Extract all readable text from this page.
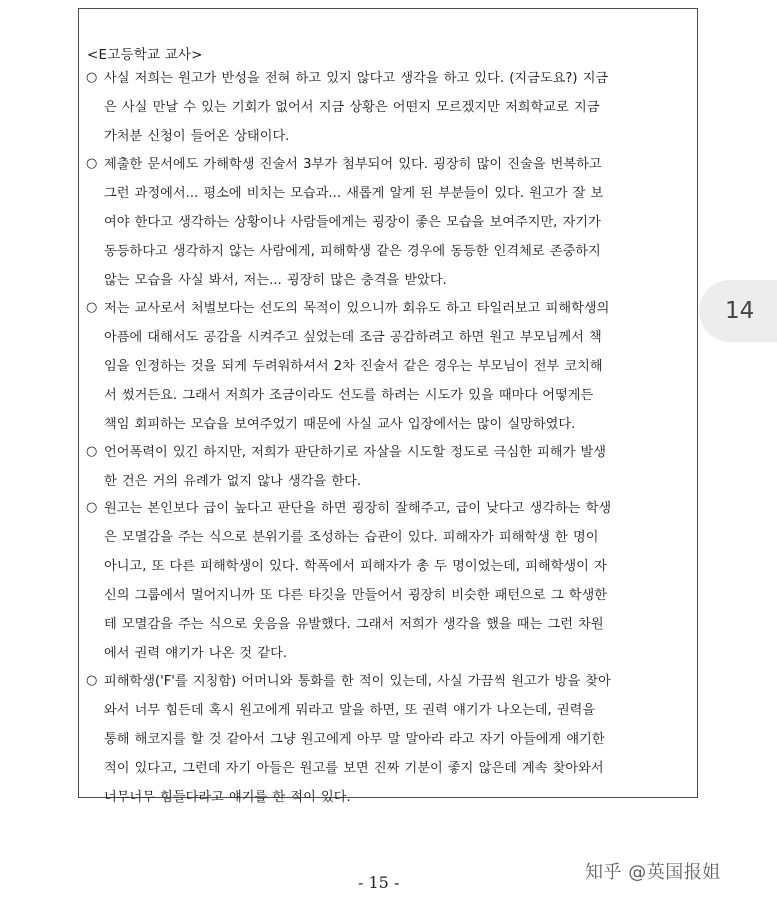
<E고등학교 교사>
○ 사실 저희는 원고가 반성을 전혀 하고 있지 않다고 생각을 하고 있다. (지금도요?) 지금
은 사실 만날 수 있는 기회가 없어서 지금 상황은 어떤지 모르겠지만 저희학교로 지금
가처분 신청이 들어온 상태이다.
○ 제출한 문서에도 가해학생 진술서 3부가 첨부되어 있다. 굉장히 많이 진술을 번복하고
그런 과정에서... 평소에 비치는 모습과... 새롭게 알게 된 부분들이 있다. 원고가 잘 보
여야 한다고 생각하는 상황이나 사람들에게는 굉장이 좋은 모습을 보여주지만, 자기가
동등하다고 생각하지 않는 사람에게, 피해학생 같은 경우에 동등한 인격체로 존중하지
않는 모습을 사실 봐서, 저는... 굉장히 많은 충격을 받았다.
○ 저는 교사로서 처벌보다는 선도의 목적이 있으니까 회유도 하고 타일러보고 피해학생의
아픔에 대해서도 공감을 시켜주고 싶었는데 조금 공감하려고 하면 원고 부모님께서 책
임을 인정하는 것을 되게 두려워하셔서 2차 진술서 같은 경우는 부모님이 전부 코치해
서 썼거든요. 그래서 저희가 조금이라도 선도를 하려는 시도가 있을 때마다 어떻게든
책임 회피하는 모습을 보여주었기 때문에 사실 교사 입장에서는 많이 실망하였다.
○ 언어폭력이 있긴 하지만, 저희가 판단하기로 자살을 시도할 정도로 극심한 피해가 발생
한 건은 거의 유례가 없지 않나 생각을 한다.
○ 원고는 본인보다 급이 높다고 판단을 하면 굉장히 잘해주고, 급이 낮다고 생각하는 학생
은 모멸감을 주는 식으로 분위기를 조성하는 습관이 있다. 피해자가 피해학생 한 명이
아니고, 또 다른 피해학생이 있다. 학폭에서 피해자가 총 두 명이었는데, 피해학생이 자
신의 그룹에서 멀어지니까 또 다른 타깃을 만들어서 굉장히 비슷한 패턴으로 그 학생한
테 모멸감을 주는 식으로 웃음을 유발했다. 그래서 저희가 생각을 했을 때는 그런 차원
에서 권력 얘기가 나온 것 같다.
○ 피해학생('F'를 지칭함) 어머니와 통화를 한 적이 있는데, 사실 가끔씩 원고가 방을 찾아
와서 너무 힘든데 혹시 원고에게 뭐라고 말을 하면, 또 권력 얘기가 나오는데, 권력을
통해 해코지를 할 것 같아서 그냥 원고에게 아무 말 말아라 라고 자기 아들에게 얘기한
적이 있다고, 그런데 자기 아들은 원고를 보면 진짜 기분이 좋지 않은데 계속 찾아와서
너무너무 힘들다라고 얘기를 한 적이 있다.
14
- 15 -	知乎 @英国报姐
